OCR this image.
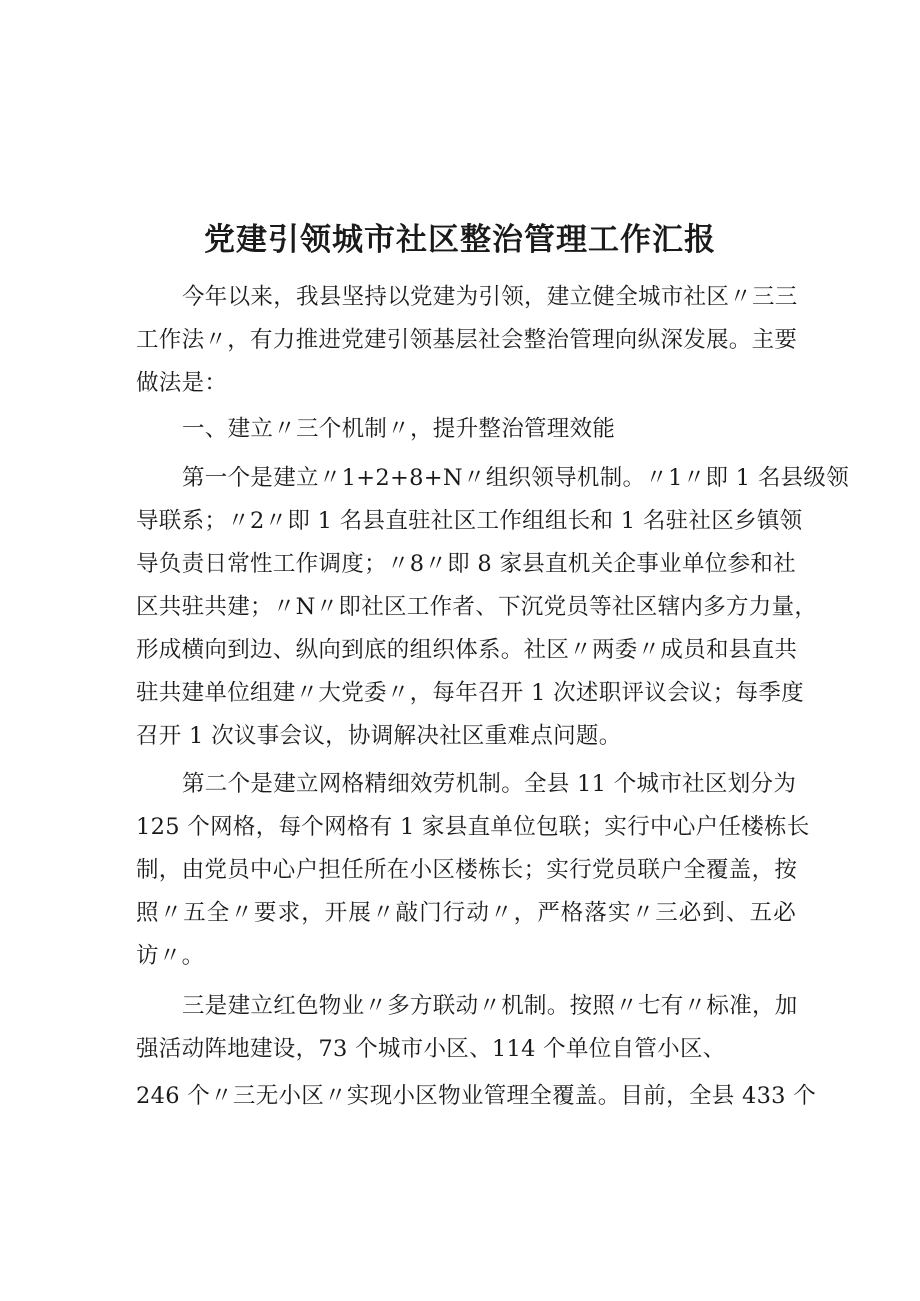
党建引领城市社区整治管理工作汇报
今年以来，我县坚持以党建为引领，建立健全城市社区〃三三
工作法〃，有力推进党建引领基层社会整治管理向纵深发展。主要
做法是：
一、建立〃三个机制〃，提升整治管理效能
第一个是建立〃1+2+8+N〃组织领导机制。〃1〃即 1 名县级领
导联系；〃2〃即 1 名县直驻社区工作组组长和 1 名驻社区乡镇领
导负责日常性工作调度；〃8〃即 8 家县直机关企事业单位参和社
区共驻共建；〃N〃即社区工作者、下沉党员等社区辖内多方力量，
形成横向到边、纵向到底的组织体系。社区〃两委〃成员和县直共
驻共建单位组建〃大党委〃，每年召开 1 次述职评议会议；每季度
召开 1 次议事会议，协调解决社区重难点问题。
第二个是建立网格精细效劳机制。全县 11 个城市社区划分为
125 个网格，每个网格有 1 家县直单位包联；实行中心户任楼栋长
制，由党员中心户担任所在小区楼栋长；实行党员联户全覆盖，按
照〃五全〃要求，开展〃敲门行动〃，严格落实〃三必到、五必
访〃。
三是建立红色物业〃多方联动〃机制。按照〃七有〃标准，加
强活动阵地建设，73 个城市小区、114 个单位自管小区、
246 个〃三无小区〃实现小区物业管理全覆盖。目前，全县 433 个
